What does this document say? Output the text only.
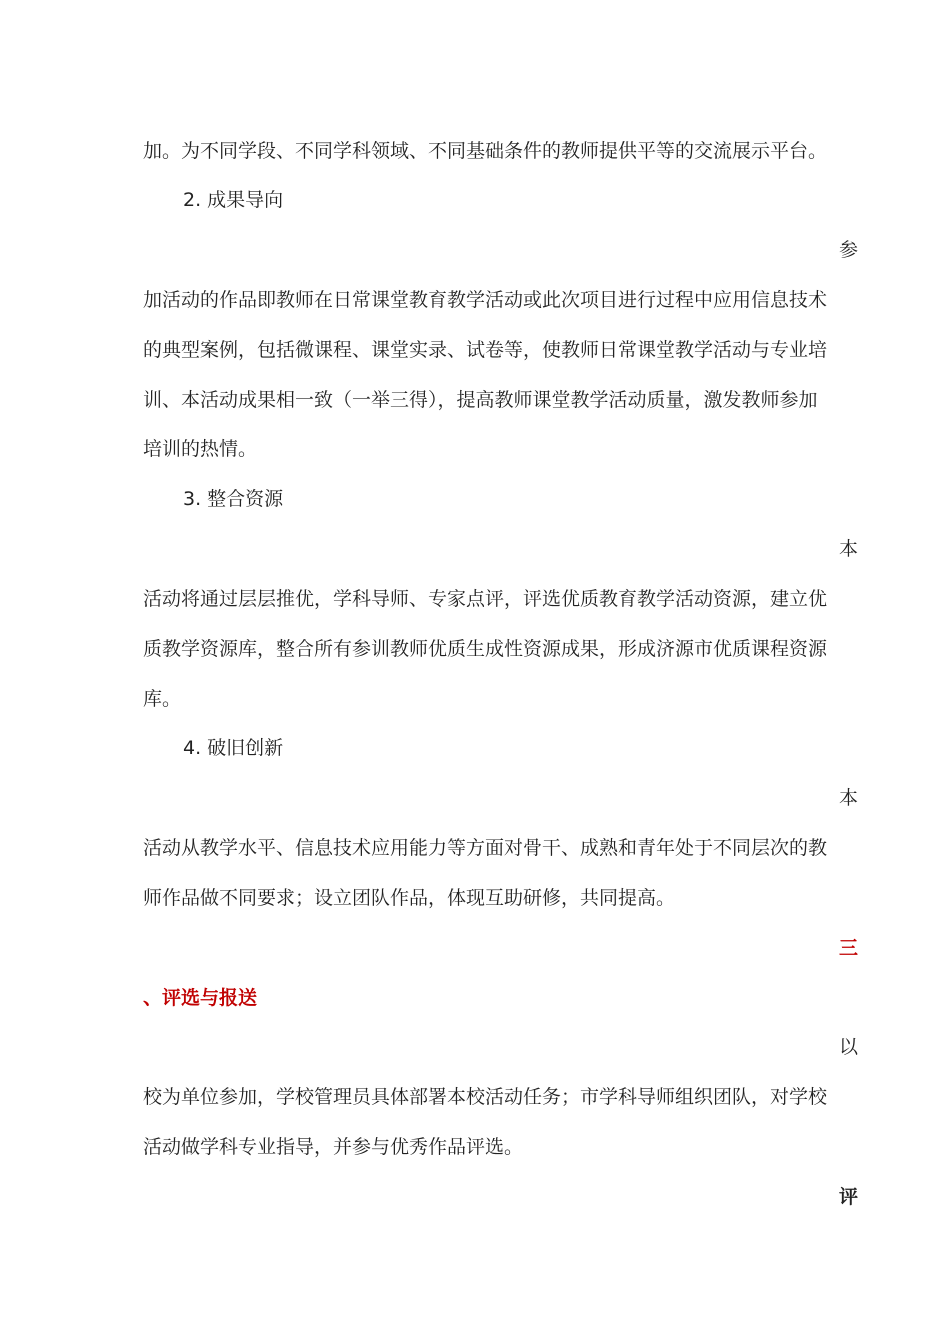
加。为不同学段、不同学科领域、不同基础条件的教师提供平等的交流展示平台。
2. 成果导向
参
加活动的作品即教师在日常课堂教育教学活动或此次项目进行过程中应用信息技术
的典型案例，包括微课程、课堂实录、试卷等，使教师日常课堂教学活动与专业培
训、本活动成果相一致（一举三得），提高教师课堂教学活动质量，激发教师参加
培训的热情。
3. 整合资源
本
活动将通过层层推优，学科导师、专家点评，评选优质教育教学活动资源，建立优
质教学资源库，整合所有参训教师优质生成性资源成果，形成济源市优质课程资源
库。
4. 破旧创新
本
活动从教学水平、信息技术应用能力等方面对骨干、成熟和青年处于不同层次的教
师作品做不同要求；设立团队作品，体现互助研修，共同提高。
三
、评选与报送
以
校为单位参加，学校管理员具体部署本校活动任务；市学科导师组织团队，对学校
活动做学科专业指导，并参与优秀作品评选。
评
